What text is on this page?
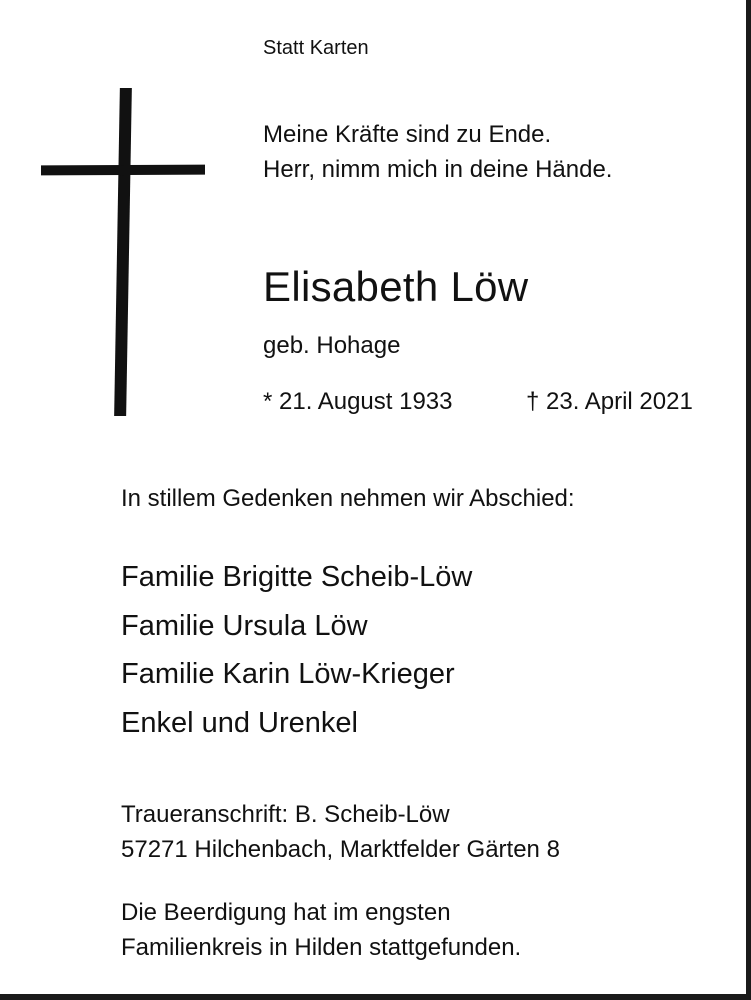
Statt Karten
Meine Kräfte sind zu Ende.
Herr, nimm mich in deine Hände.
Elisabeth Löw
geb. Hohage
* 21. August 1933	† 23. April 2021
In stillem Gedenken nehmen wir Abschied:
Familie Brigitte Scheib-Löw
Familie Ursula Löw
Familie Karin Löw-Krieger
Enkel und Urenkel
Traueranschrift: B. Scheib-Löw
57271 Hilchenbach, Marktfelder Gärten 8
Die Beerdigung hat im engsten
Familienkreis in Hilden stattgefunden.
